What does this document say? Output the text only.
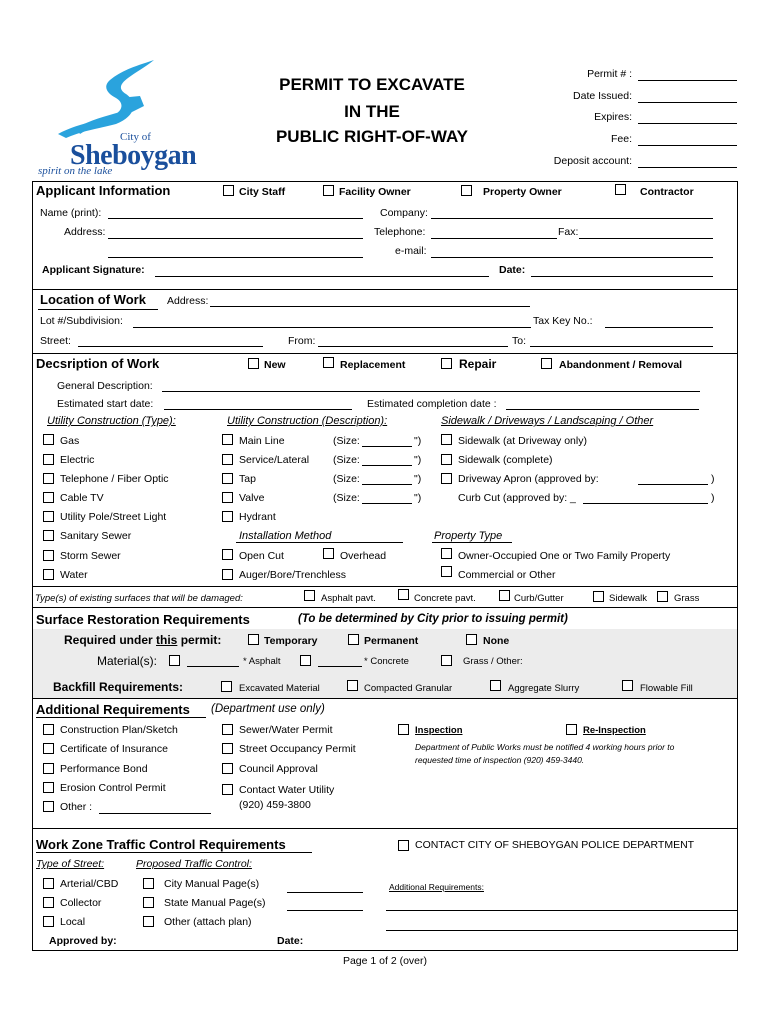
City of
Sheboygan
spirit on the lake
PERMIT TO EXCAVATE
IN THE
PUBLIC RIGHT-OF-WAY
Permit # :
Date Issued:
Expires:
Fee:
Deposit account:
Applicant Information	City Staff	Facility Owner	Property Owner	Contractor
Name (print):	Company:
Address:	Telephone:	Fax:
e-mail:
Applicant Signature:	Date:
Location of Work Address:
Lot #/Subdivision:	Tax Key No.:
Street:	From:	To:
Decsription of Work	New	Replacement	Repair	Abandonment / Removal
General Description:
Estimated start date:	Estimated completion date :
Utility Construction (Type):	Utility Construction (Description):	Sidewalk / Driveways / Landscaping / Other
Gas
Electric
Telephone / Fiber Optic
Cable TV
Utility Pole/Street Light
Sanitary Sewer
Storm Sewer
Water
Main Line	(Size:	")
Service/Lateral (Size:	")
Tap	(Size:	")
Valve	(Size:	")
Hydrant
Installation Method
Open Cut	Overhead
Auger/Bore/Trenchless
Sidewalk (at Driveway only)
Sidewalk (complete)
Driveway Apron (approved by:	)
Curb Cut (approved by: _	)
Property Type
Owner-Occupied One or Two Family Property
Commercial or Other
Type(s) of existing surfaces that will be damaged:	Asphalt pavt.	Concrete pavt.	Curb/Gutter	Sidewalk	Grass
Surface Restoration Requirements	(To be determined by City prior to issuing permit)
Required under this permit:	Temporary	Permanent	None
Material(s):	* Asphalt	* Concrete	Grass / Other:
Backfill Requirements:	Excavated Material	Compacted Granular	Aggregate Slurry	Flowable Fill
Additional Requirements (Department use only)
Construction Plan/Sketch
Certificate of Insurance
Performance Bond
Erosion Control Permit
Other :
Sewer/Water Permit
Street Occupancy Permit
Council Approval
Contact Water Utility
(920) 459-3800
Inspection	Re-Inspection
Department of Public Works must be notified 4 working hours prior to
requested time of inspection (920) 459-3440.
Work Zone Traffic Control Requirements	CONTACT CITY OF SHEBOYGAN POLICE DEPARTMENT
Type of Street:	Proposed Traffic Control:
Arterial/CBD
Collector
Local
City Manual Page(s)
State Manual Page(s)
Other (attach plan)
Additional Requirements:
Approved by:	Date:
Page 1 of 2 (over)
